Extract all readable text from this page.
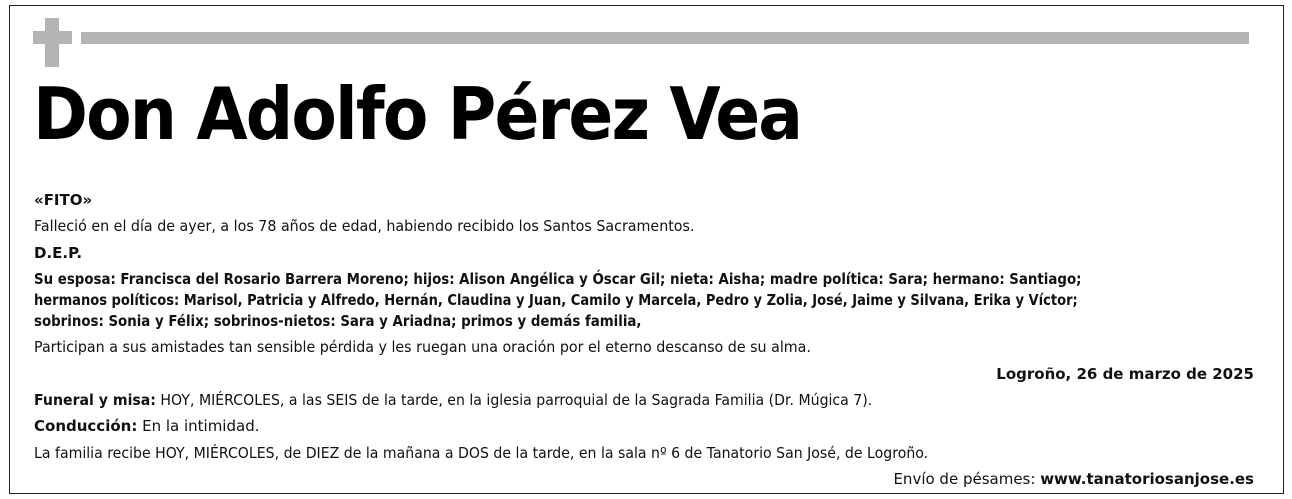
Don Adolfo Pérez Vea
«FITO»
Falleció en el día de ayer, a los 78 años de edad, habiendo recibido los Santos Sacramentos.
D.E.P.
Su esposa: Francisca del Rosario Barrera Moreno; hijos: Alison Angélica y Óscar Gil; nieta: Aisha; madre política: Sara; hermano: Santiago;
hermanos políticos: Marisol, Patricia y Alfredo, Hernán, Claudina y Juan, Camilo y Marcela, Pedro y Zolia, José, Jaime y Silvana, Erika y Víctor;
sobrinos: Sonia y Félix; sobrinos-nietos: Sara y Ariadna; primos y demás familia,
Participan a sus amistades tan sensible pérdida y les ruegan una oración por el eterno descanso de su alma.
Logroño, 26 de marzo de 2025
Funeral y misa: HOY, MIÉRCOLES, a las SEIS de la tarde, en la iglesia parroquial de la Sagrada Familia (Dr. Múgica 7).
Conducción: En la intimidad.
La familia recibe HOY, MIÉRCOLES, de DIEZ de la mañana a DOS de la tarde, en la sala nº 6 de Tanatorio San José, de Logroño.
Envío de pésames: www.tanatoriosanjose.es
